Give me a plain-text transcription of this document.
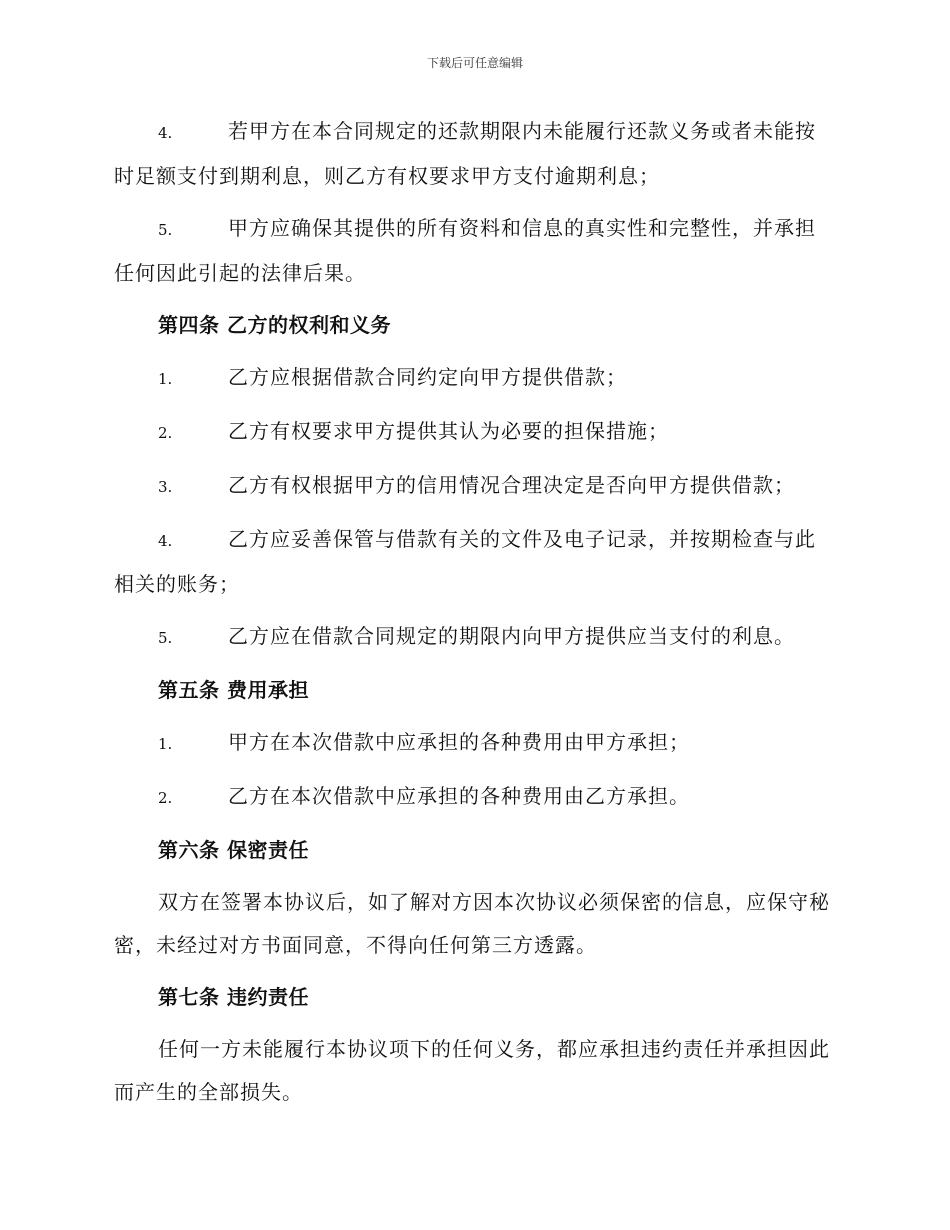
下载后可任意编辑
4.	若甲方在本合同规定的还款期限内未能履行还款义务或者未能按时足额支付到期利息，则乙方有权要求甲方支付逾期利息；
5.	甲方应确保其提供的所有资料和信息的真实性和完整性，并承担任何因此引起的法律后果。
第四条 乙方的权利和义务
1.	乙方应根据借款合同约定向甲方提供借款；
2.	乙方有权要求甲方提供其认为必要的担保措施；
3.	乙方有权根据甲方的信用情况合理决定是否向甲方提供借款；
4.	乙方应妥善保管与借款有关的文件及电子记录，并按期检查与此相关的账务；
5.	乙方应在借款合同规定的期限内向甲方提供应当支付的利息。
第五条 费用承担
1.	甲方在本次借款中应承担的各种费用由甲方承担；
2.	乙方在本次借款中应承担的各种费用由乙方承担。
第六条 保密责任
双方在签署本协议后，如了解对方因本次协议必须保密的信息，应保守秘密，未经过对方书面同意，不得向任何第三方透露。
第七条 违约责任
任何一方未能履行本协议项下的任何义务，都应承担违约责任并承担因此而产生的全部损失。
